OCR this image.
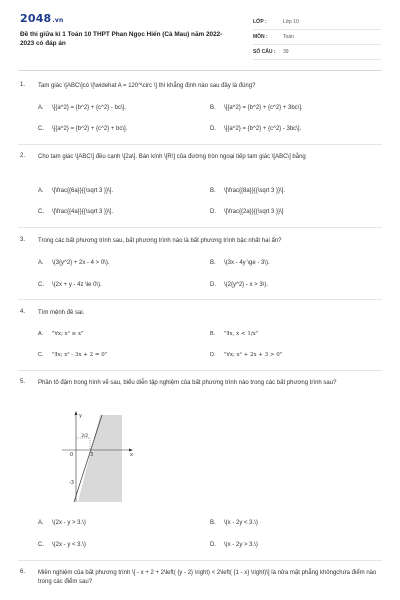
2048.vn
Đề thi giữa kì 1 Toán 10 THPT Phan Ngọc Hiển (Cà Mau) năm 2022-2023 có đáp án
LỚP :	Lớp 10
MÔN :	Toán
SỐ CÂU :	39
1. Tam giác \[ABC\]có \[\widehat A = 120^\circ \] thì khẳng định nào sau đây là đúng?
A. \[{a^2} = {b^2} + {c^2} - bc\].	B. \[{a^2} = {b^2} + {c^2} + 3bc\].
C. \[{a^2} = {b^2} + {c^2} + bc\].	D. \[{a^2} = {b^2} + {c^2} - 3bc\].
2. Cho tam giác \[ABC\] đều cạnh \[2a\]. Bán kính \[R\] của đường tròn ngoại tiếp tam giác \[ABC\] bằng
A. \[\frac{{6a}}{{\sqrt 3 }}\].	B. \[\frac{{8a}}{{\sqrt 3 }}\].
C. \[\frac{{4a}}{{\sqrt 3 }}\].	D. \[\frac{{2a}}{{\sqrt 3 }}\]
3. Trong các bất phương trình sau, bất phương trình nào là bất phương trình bậc nhất hai ẩn?
A. \(3{y^2} + 2x - 4 > 0\).	B. \(3x - 4y \ge - 3\).
C. \(2x + y - 4z \le 0\).	D. \(2{y^2} - x > 3\).
4. Tìm mệnh đề sai.
A. "∀x; x² ≥ x"	B. "∃x, x < 1/x"
C. "∃x; x² - 3x + 2 = 0"	D. "∀x; x² + 2x + 3 > 0"
5. Phần tô đậm trong hình vẽ sau, biểu diễn tập nghiệm của bất phương trình nào trong các bất phương trình sau?
3/2
0	3
-3
x
y
A. \(2x - y > 3.\)	B. \(x - 2y < 3.\)
C. \(2x - y < 3.\)	D. \(x - 2y > 3.\)
6. Miền nghiệm của bất phương trình \[ - x + 2 + 2\left( {y - 2} \right) < 2\left( {1 - x} \right)\] là nửa mặt phẳng khôngchứa điểm nào trong các điểm sau?
